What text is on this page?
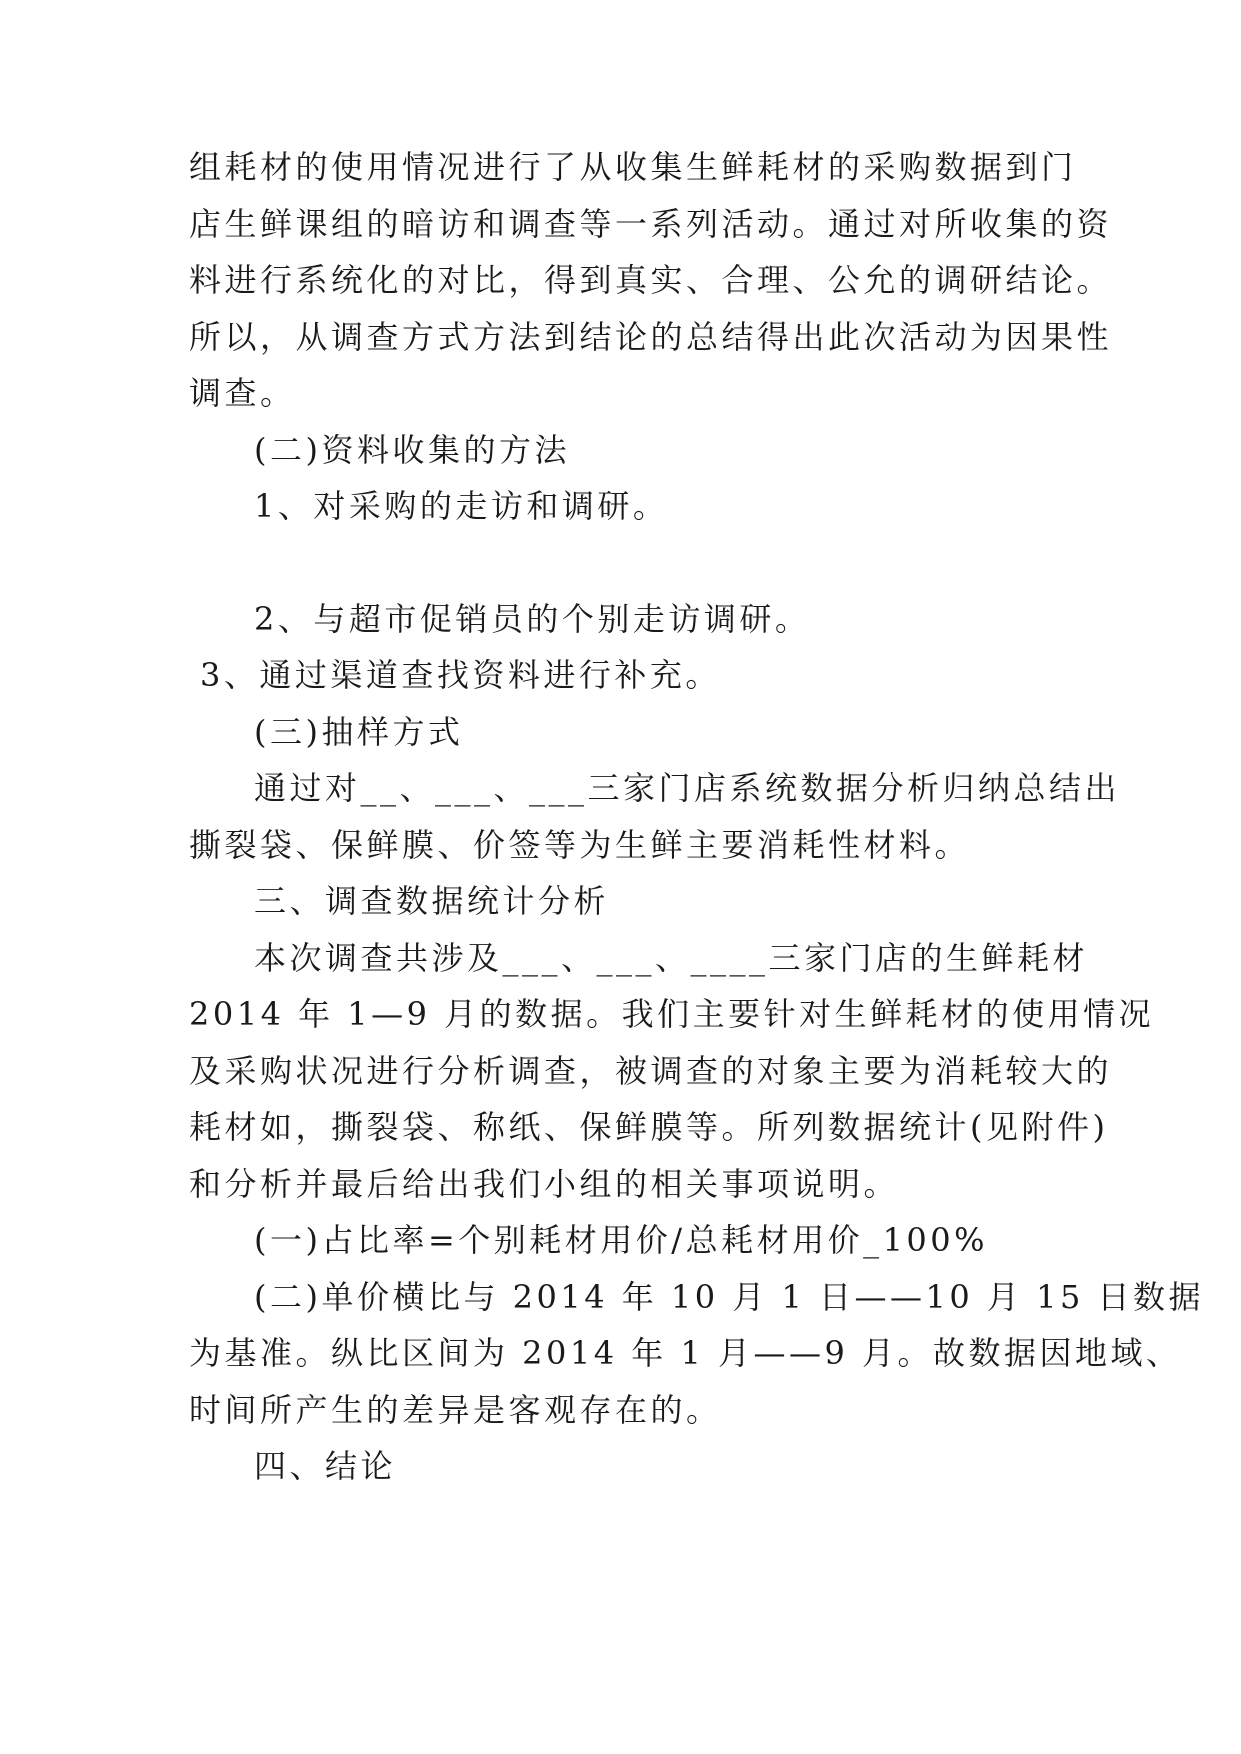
组耗材的使用情况进行了从收集生鲜耗材的采购数据到门
店生鲜课组的暗访和调查等一系列活动。通过对所收集的资
料进行系统化的对比，得到真实、合理、公允的调研结论。
所以，从调查方式方法到结论的总结得出此次活动为因果性
调查。
(二)资料收集的方法
1、对采购的走访和调研。
2、与超市促销员的个别走访调研。
3、通过渠道查找资料进行补充。
(三)抽样方式
通过对__、___、___三家门店系统数据分析归纳总结出
撕裂袋、保鲜膜、价签等为生鲜主要消耗性材料。
三、调查数据统计分析
本次调查共涉及___、___、____三家门店的生鲜耗材
2014 年 1—9 月的数据。我们主要针对生鲜耗材的使用情况
及采购状况进行分析调查，被调查的对象主要为消耗较大的
耗材如，撕裂袋、称纸、保鲜膜等。所列数据统计(见附件)
和分析并最后给出我们小组的相关事项说明。
(一)占比率=个别耗材用价/总耗材用价_100%
(二)单价横比与 2014 年 10 月 1 日——10 月 15 日数据
为基准。纵比区间为 2014 年 1 月——9 月。故数据因地域、
时间所产生的差异是客观存在的。
四、结论
